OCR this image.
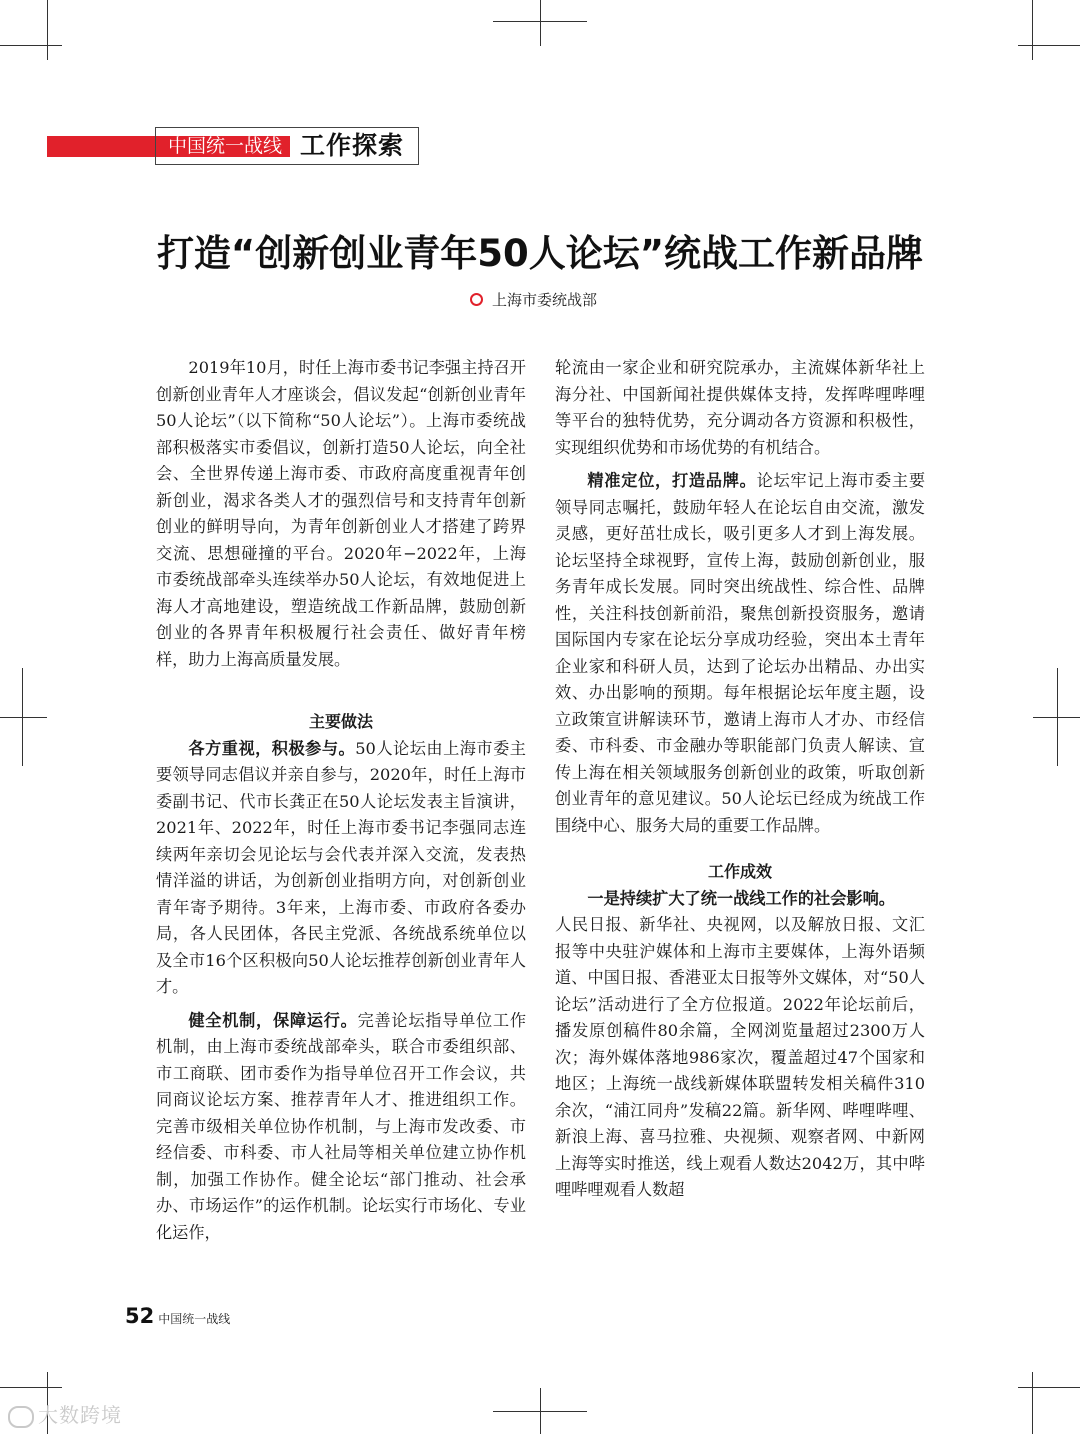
中国统一战线 工作探索
打造“创新创业青年50人论坛”统战工作新品牌
上海市委统战部

2019年10月，时任上海市委书记李强主持召开创新创业青年人才座谈会，倡议发起“创新创业青年50人论坛”（以下简称“50人论坛”）。上海市委统战部积极落实市委倡议，创新打造50人论坛，向全社会、全世界传递上海市委、市政府高度重视青年创新创业，渴求各类人才的强烈信号和支持青年创新创业的鲜明导向，为青年创新创业人才搭建了跨界交流、思想碰撞的平台。2020年−2022年，上海市委统战部牵头连续举办50人论坛，有效地促进上海人才高地建设，塑造统战工作新品牌，鼓励创新创业的各界青年积极履行社会责任、做好青年榜样，助力上海高质量发展。

主要做法

各方重视，积极参与。50人论坛由上海市委主要领导同志倡议并亲自参与，2020年，时任上海市委副书记、代市长龚正在50人论坛发表主旨演讲，2021年、2022年，时任上海市委书记李强同志连续两年亲切会见论坛与会代表并深入交流，发表热情洋溢的讲话，为创新创业指明方向，对创新创业青年寄予期待。3年来，上海市委、市政府各委办局，各人民团体，各民主党派、各统战系统单位以及全市16个区积极向50人论坛推荐创新创业青年人才。

健全机制，保障运行。完善论坛指导单位工作机制，由上海市委统战部牵头，联合市委组织部、市工商联、团市委作为指导单位召开工作会议，共同商议论坛方案、推荐青年人才、推进组织工作。完善市级相关单位协作机制，与上海市发改委、市经信委、市科委、市人社局等相关单位建立协作机制，加强工作协作。健全论坛“部门推动、社会承办、市场运作”的运作机制。论坛实行市场化、专业化运作，

轮流由一家企业和研究院承办，主流媒体新华社上海分社、中国新闻社提供媒体支持，发挥哔哩哔哩等平台的独特优势，充分调动各方资源和积极性，实现组织优势和市场优势的有机结合。

精准定位，打造品牌。论坛牢记上海市委主要领导同志嘱托，鼓励年轻人在论坛自由交流，激发灵感，更好茁壮成长，吸引更多人才到上海发展。论坛坚持全球视野，宣传上海，鼓励创新创业，服务青年成长发展。同时突出统战性、综合性、品牌性，关注科技创新前沿，聚焦创新投资服务，邀请国际国内专家在论坛分享成功经验，突出本土青年企业家和科研人员，达到了论坛办出精品、办出实效、办出影响的预期。每年根据论坛年度主题，设立政策宣讲解读环节，邀请上海市人才办、市经信委、市科委、市金融办等职能部门负责人解读、宣传上海在相关领域服务创新创业的政策，听取创新创业青年的意见建议。50人论坛已经成为统战工作围绕中心、服务大局的重要工作品牌。

工作成效

一是持续扩大了统一战线工作的社会影响。

人民日报、新华社、央视网，以及解放日报、文汇报等中央驻沪媒体和上海市主要媒体，上海外语频道、中国日报、香港亚太日报等外文媒体，对“50人论坛”活动进行了全方位报道。2022年论坛前后，播发原创稿件80余篇，全网浏览量超过2300万人次；海外媒体落地986家次，覆盖超过47个国家和地区；上海统一战线新媒体联盟转发相关稿件310余次，“浦江同舟”发稿22篇。新华网、哔哩哔哩、新浪上海、喜马拉雅、央视频、观察者网、中新网上海等实时推送，线上观看人数达2042万，其中哔哩哔哩观看人数超

52 中国统一战线
大数跨境
